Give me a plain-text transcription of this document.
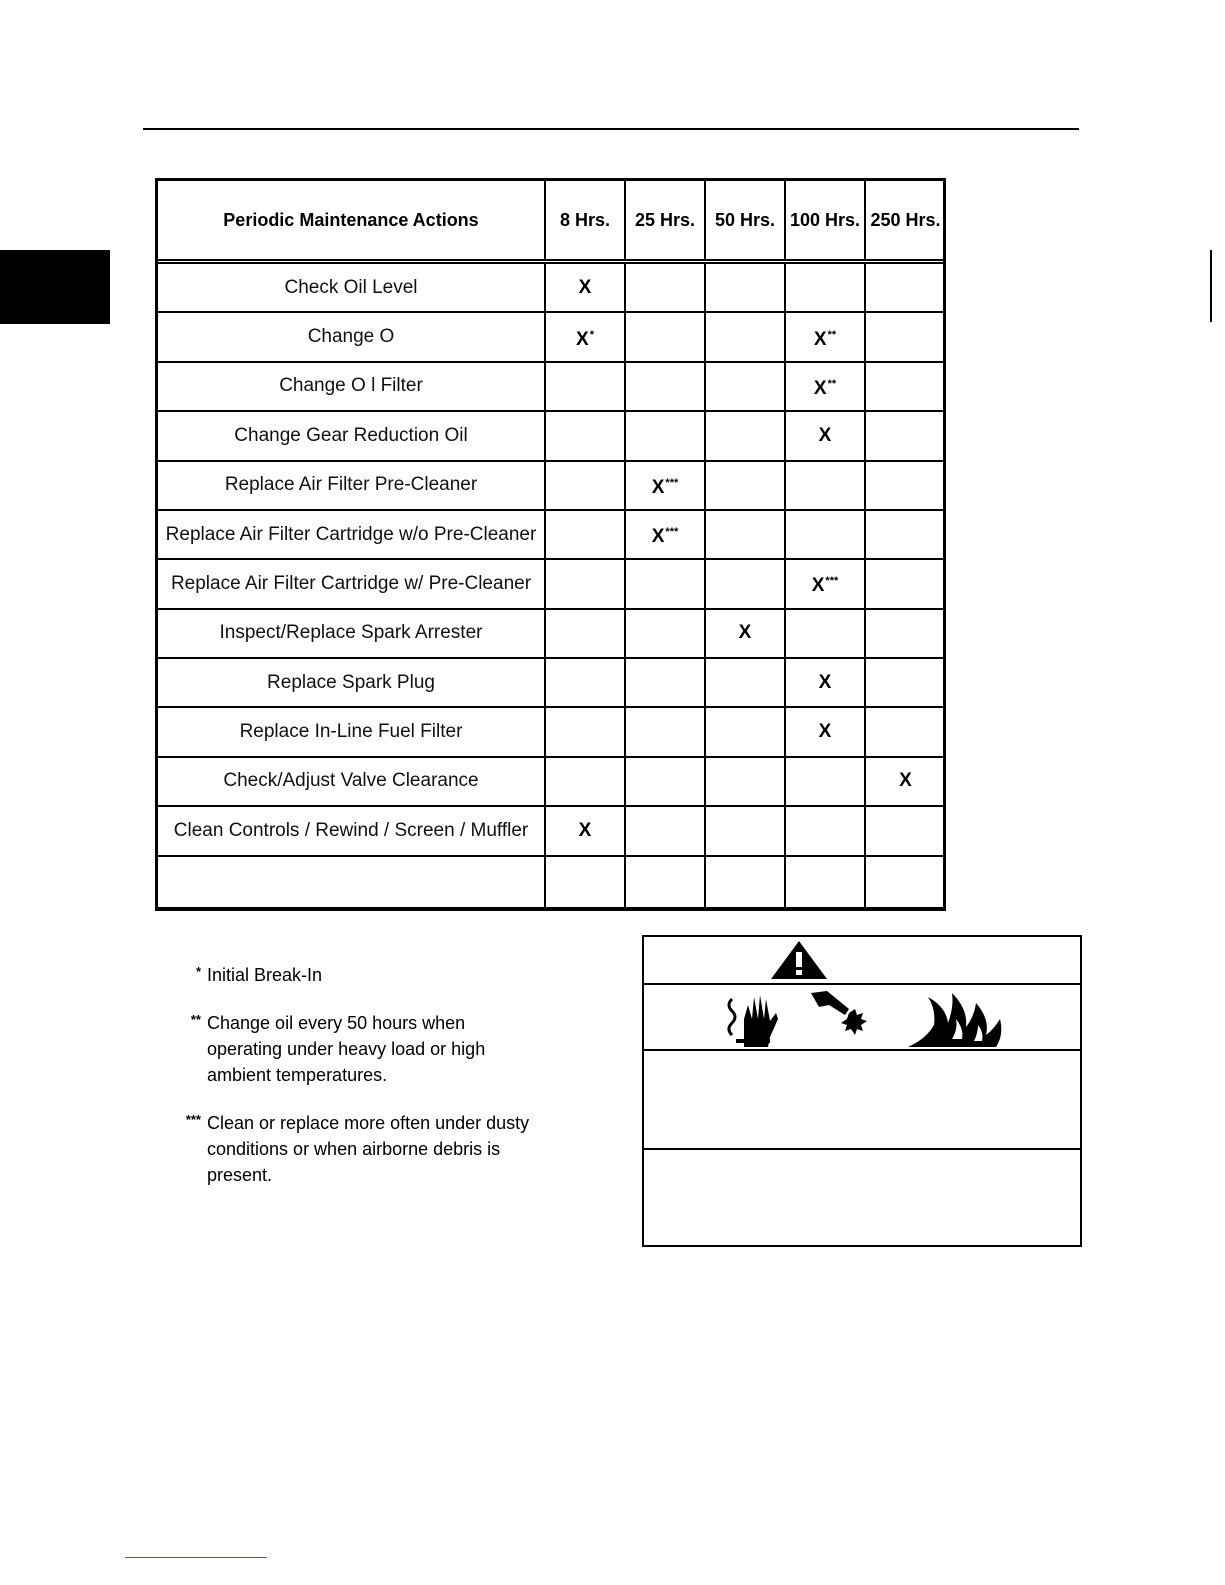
Periodic Maintenance Actions	8 Hrs.	25 Hrs.	50 Hrs.	100 Hrs.	250 Hrs.
Check Oil Level	X				
Change O	X*			X**	
Change O l Filter				X**	
Change Gear Reduction Oil				X	
Replace Air Filter Pre-Cleaner		X***			
Replace Air Filter Cartridge w/o Pre-Cleaner		X***			
Replace Air Filter Cartridge w/ Pre-Cleaner				X***	
Inspect/Replace Spark Arrester			X		
Replace Spark Plug				X	
Replace In-Line Fuel Filter				X	
Check/Adjust Valve Clearance					X
Clean Controls / Rewind / Screen / Muffler	X				

* Initial Break-In
** Change oil every 50 hours when operating under heavy load or high ambient temperatures.
*** Clean or replace more often under dusty conditions or when airborne debris is present.
